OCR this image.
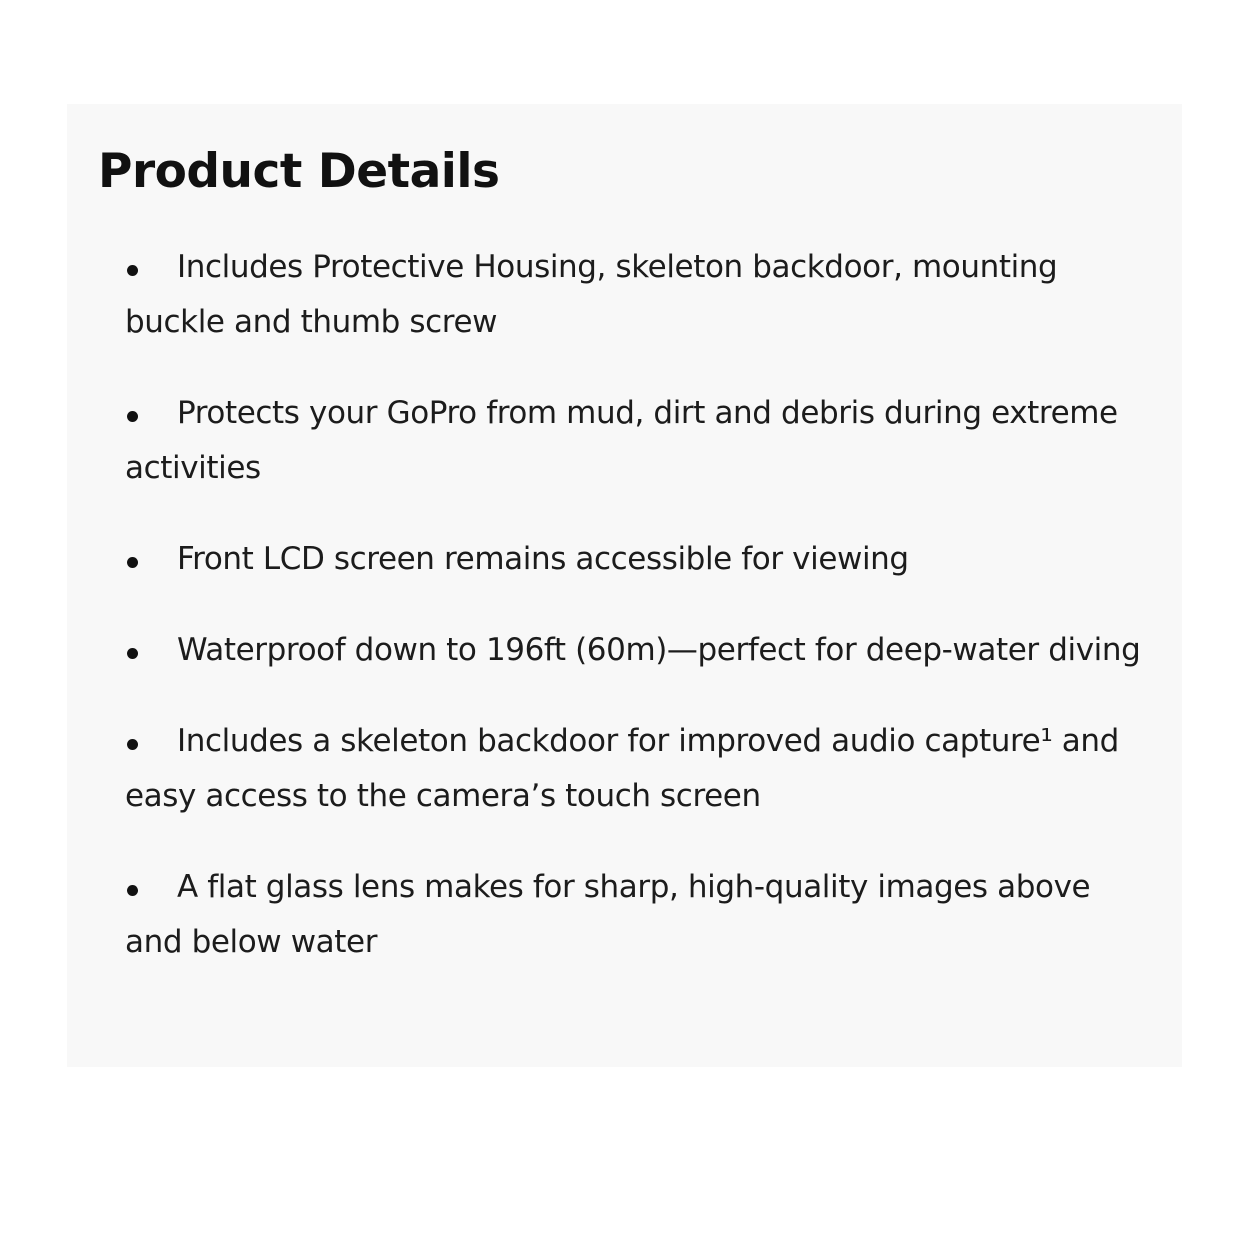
Product Details
Includes Protective Housing, skeleton backdoor, mounting buckle and thumb screw
Protects your GoPro from mud, dirt and debris during extreme activities
Front LCD screen remains accessible for viewing
Waterproof down to 196ft (60m)—perfect for deep-water diving
Includes a skeleton backdoor for improved audio capture¹ and easy access to the camera’s touch screen
A flat glass lens makes for sharp, high-quality images above and below water
